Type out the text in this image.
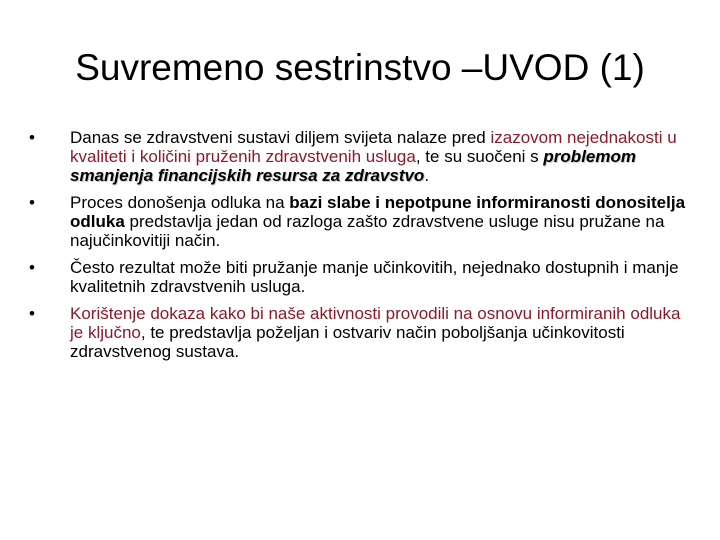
Suvremeno sestrinstvo –UVOD (1)
• Danas se zdravstveni sustavi diljem svijeta nalaze pred izazovom nejednakosti u kvaliteti i količini pruženih zdravstvenih usluga, te su suočeni s problemom smanjenja financijskih resursa za zdravstvo.
• Proces donošenja odluka na bazi slabe i nepotpune informiranosti donositelja odluka predstavlja jedan od razloga zašto zdravstvene usluge nisu pružane na najučinkovitiji način.
• Često rezultat može biti pružanje manje učinkovitih, nejednako dostupnih i manje kvalitetnih zdravstvenih usluga.
• Korištenje dokaza kako bi naše aktivnosti provodili na osnovu informiranih odluka je ključno, te predstavlja poželjan i ostvariv način poboljšanja učinkovitosti zdravstvenog sustava.
